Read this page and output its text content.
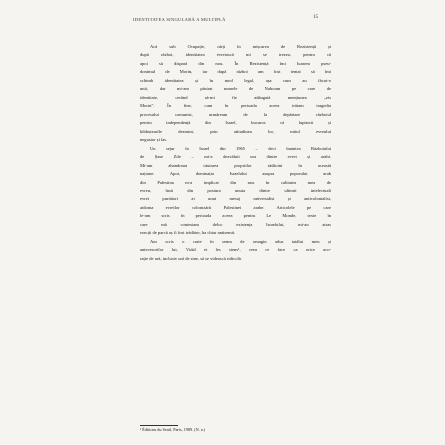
IDENTITATEA SINGULARĂ A MULTIPLĂ	15
Acă sub Ocupație, cărți în mișcarea de Rezistență și
după război, identitatea evreiască mi se trezea, pentru că
apoi să dispară din nou. În Rezistență îmi luasem pseu-
donimul de Morin, iar după război am fost tentat să îmi
schimb identitatea și în mod legal, așa cum au făcut-o
unii, dar mi-am păstrat numele de Nahoum pe care de
identitate, cerând să-mi fie adăugată mențiunea „zis
Morin”. În fine, cum în perioada aceea trăiam tragedia
procesului comunist, urmăream de la depărtare războiul
pentru independență din Israel, bucuros că lupttorii și
kibbutzurile dezmint, prin atitudinea lor, mitul evreului
negustor și las.
Un sejur în Israel din 1965 – deci înaintea Războiului
de Șase Zile – mi-a dezvăluit ura dintre evrei și arabi.
Mi-am abandonat căutarea propriilor rădăcini în această
națiune. Apoi, dominația Israelului asupra poporului arab
din Palestina m-a implicat din nou în calitatea mea de
evreu, însă din postura unuia dintre ultimii intelectuali
evrei purtători ai unui mesaj universalist și anticolonialist,
aidoma evreilor colonizării Palestinei arabe. Articolele pe care
le-am scris în perioada aceea pentru Le Monde, texte în
care mă contestam deloc existența Israelului, mi-au atras
reacții de parcă aș fi fost trădător, ba chiar antisemit.
Am scris o carte în semn de omagiu adus tatălui meu și
antecesorilor lui, Vidal et les siens¹, ceea ce face ca orice aco-
rație de ură, inclusiv ură de sine, să se videască ridicolă.
¹ Éditions du Seuil, Paris, 1989. (N. a.)
